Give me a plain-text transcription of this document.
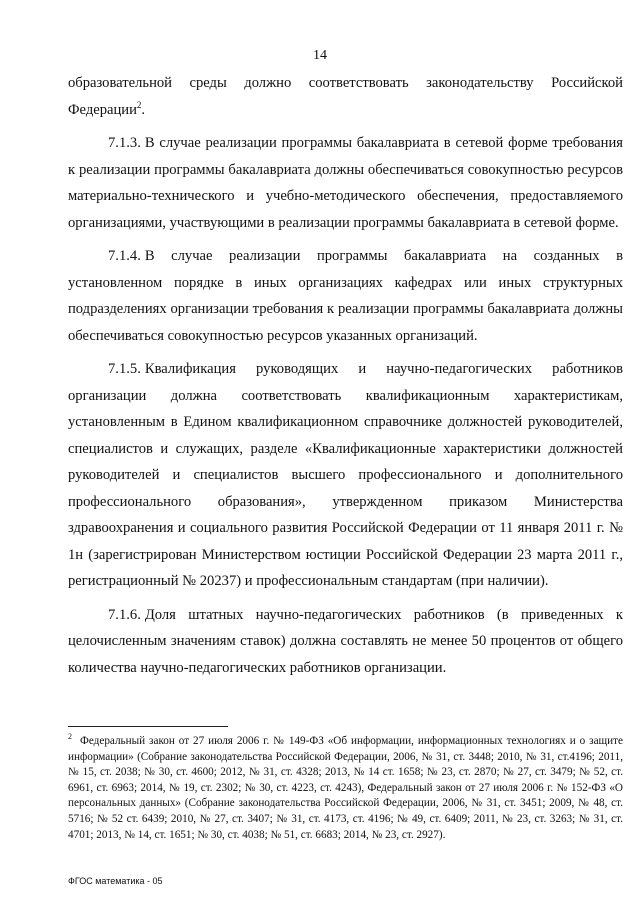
14

образовательной среды должно соответствовать законодательству Российской Федерации$^2$.

7.1.3. В случае реализации программы бакалавриата в сетевой форме требования к реализации программы бакалавриата должны обеспечиваться совокупностью ресурсов материально-технического и учебно-методического обеспечения, предоставляемого организациями, участвующими в реализации программы бакалавриата в сетевой форме.

7.1.4. В случае реализации программы бакалавриата на созданных в установленном порядке в иных организациях кафедрах или иных структурных подразделениях организации требования к реализации программы бакалавриата должны обеспечиваться совокупностью ресурсов указанных организаций.

7.1.5. Квалификация руководящих и научно-педагогических работников организации должна соответствовать квалификационным характеристикам, установленным в Едином квалификационном справочнике должностей руководителей, специалистов и служащих, разделе «Квалификационные характеристики должностей руководителей и специалистов высшего профессионального и дополнительного профессионального образования», утвержденном приказом Министерства здравоохранения и социального развития Российской Федерации от 11 января 2011 г. № 1н (зарегистрирован Министерством юстиции Российской Федерации 23 марта 2011 г., регистрационный № 20237) и профессиональным стандартам (при наличии).

7.1.6. Доля штатных научно-педагогических работников (в приведенных к целочисленным значениям ставок) должна составлять не менее 50 процентов от общего количества научно-педагогических работников организации.

$^2$ Федеральный закон от 27 июля 2006 г. № 149-ФЗ «Об информации, информационных технологиях и о защите информации» (Собрание законодательства Российской Федерации, 2006, № 31, ст. 3448; 2010, № 31, ст.4196; 2011, № 15, ст. 2038; № 30, ст. 4600; 2012, № 31, ст. 4328; 2013, № 14 ст. 1658; № 23, ст. 2870; № 27, ст. 3479; № 52, ст. 6961, ст. 6963; 2014, № 19, ст. 2302; № 30, ст. 4223, ст. 4243), Федеральный закон от 27 июля 2006 г. № 152-ФЗ «О персональных данных» (Собрание законодательства Российской Федерации, 2006, № 31, ст. 3451; 2009, № 48, ст. 5716; № 52 ст. 6439; 2010, № 27, ст. 3407; № 31, ст. 4173, ст. 4196; № 49, ст. 6409; 2011, № 23, ст. 3263; № 31, ст. 4701; 2013, № 14, ст. 1651; № 30, ст. 4038; № 51, ст. 6683; 2014, № 23, ст. 2927).

ФГОС математика - 05
